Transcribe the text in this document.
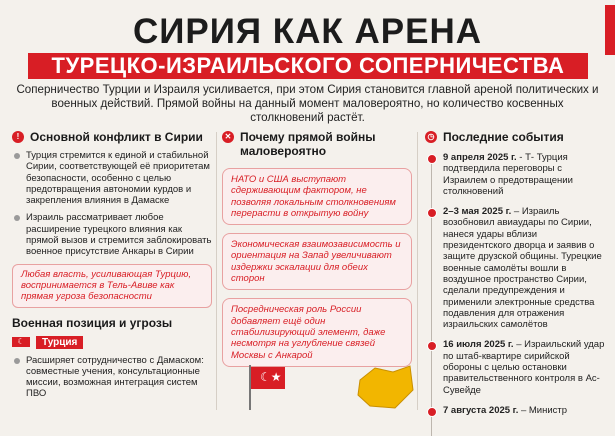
СИРИЯ КАК АРЕНА
ТУРЕЦКО-ИЗРАИЛЬСКОГО СОПЕРНИЧЕСТВА
Соперничество Турции и Израиля усиливается, при этом Сирия становится главной ареной политических и военных действий. Прямой войны на данный момент маловероятно, но количество косвенных столкновений растёт.
! Основной конфликт в Сирии
Турция стремится к единой и стабильной Сирии, соответствующей её приоритетам безопасности, особенно с целью предотвращения автономии курдов и закрепления влияния в Дамаске
Израиль рассматривает любое расширение турецкого влияния как прямой вызов и стремится заблокировать военное присутствие Анкары в Сирии
Любая власть, усиливающая Турцию, воспринимается в Тель-Авиве как прямая угроза безопасности
Военная позиция и угрозы
☾	Турция
Расширяет сотрудничество с Дамаском: совместные учения, консультационные миссии, возможная интеграция систем ПВО
✕ Почему прямой войны маловероятно
НАТО и США выступают сдерживающим фактором, не позволяя локальным столкновениям перерасти в открытую войну
Экономическая взаимозависимость и ориентация на Запад увеличивают издержки эскалации для обеих сторон
Посредническая роль России добавляет ещё один стабилизирующий элемент, даже несмотря на углубление связей Москвы с Анкарой
◷ Последние события
9 апреля 2025 г. - Т- Турция подтвердила переговоры с Израилем о предотвращении столкновений
2–3 мая 2025 г. – Израиль возобновил авиаудары по Сирии, нанеся удары вблизи президентского дворца и заявив о защите друзской общины. Турецкие военные самолёты вошли в воздушное пространство Сирии, сделали предупреждения и применили электронные средства подавления для отражения израильских самолётов
16 июля 2025 г. – Израильский удар по штаб-квартире сирийской обороны с целью остановки правительственного контроля в Ас-Сувейде
7 августа 2025 г. – Министр
☾★
